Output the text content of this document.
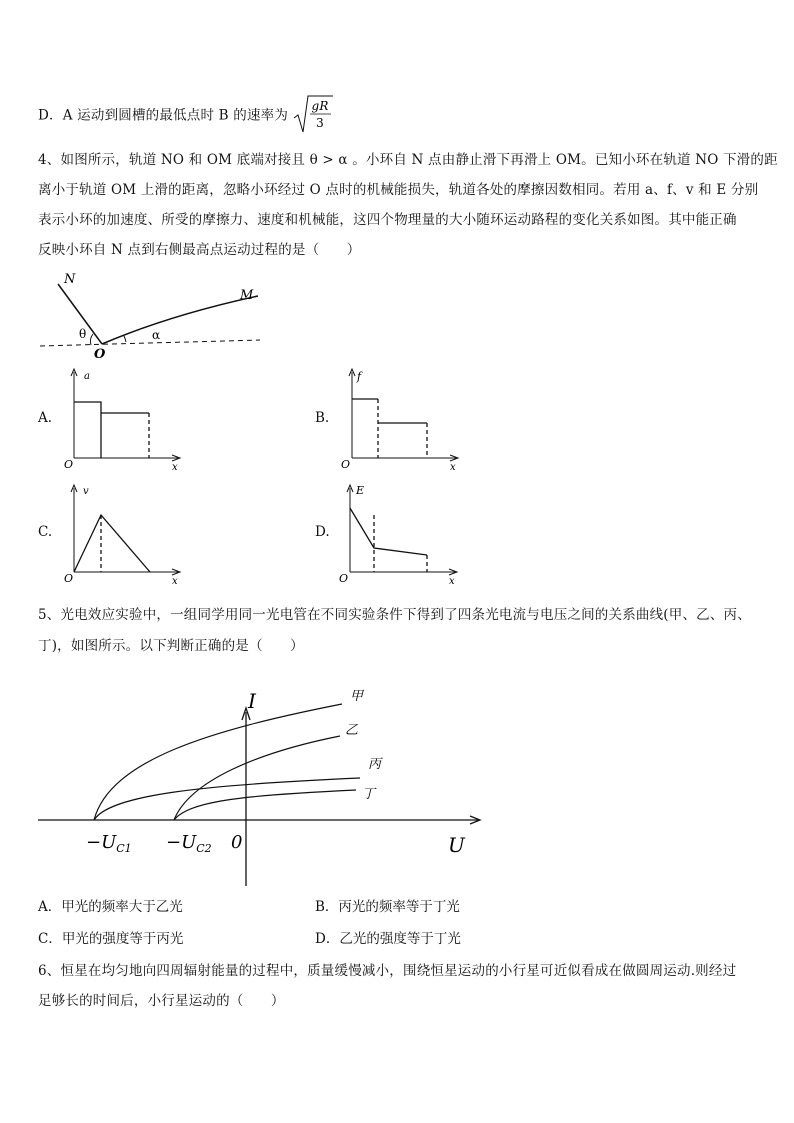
D．A 运动到圆槽的最低点时 B 的速率为
gR
3
4、如图所示，轨道 NO 和 OM 底端对接且 θ > α 。小环自 N 点由静止滑下再滑上 OM。已知小环在轨道 NO 下滑的距
离小于轨道 OM 上滑的距离，忽略小环经过 O 点时的机械能损失，轨道各处的摩擦因数相同。若用 a、f、v 和 E 分别
表示小环的加速度、所受的摩擦力、速度和机械能，这四个物理量的大小随环运动路程的变化关系如图。其中能正确
反映小环自 N 点到右侧最高点运动过程的是（　　）
N
M
O
θ	α
A.	B.
C.	D.
a
O	x
f
O	x
v
O	x
E
O	x
5、光电效应实验中，一组同学用同一光电管在不同实验条件下得到了四条光电流与电压之间的关系曲线(甲、乙、丙、
丁)，如图所示。以下判断正确的是（　　）
I
U
0
$-U_{C1} -U_{C2}$
甲
乙
丙
丁
A．甲光的频率大于乙光	B．丙光的频率等于丁光
C．甲光的强度等于丙光	D．乙光的强度等于丁光
6、恒星在均匀地向四周辐射能量的过程中，质量缓慢减小，围绕恒星运动的小行星可近似看成在做圆周运动.则经过
足够长的时间后，小行星运动的（　　）
